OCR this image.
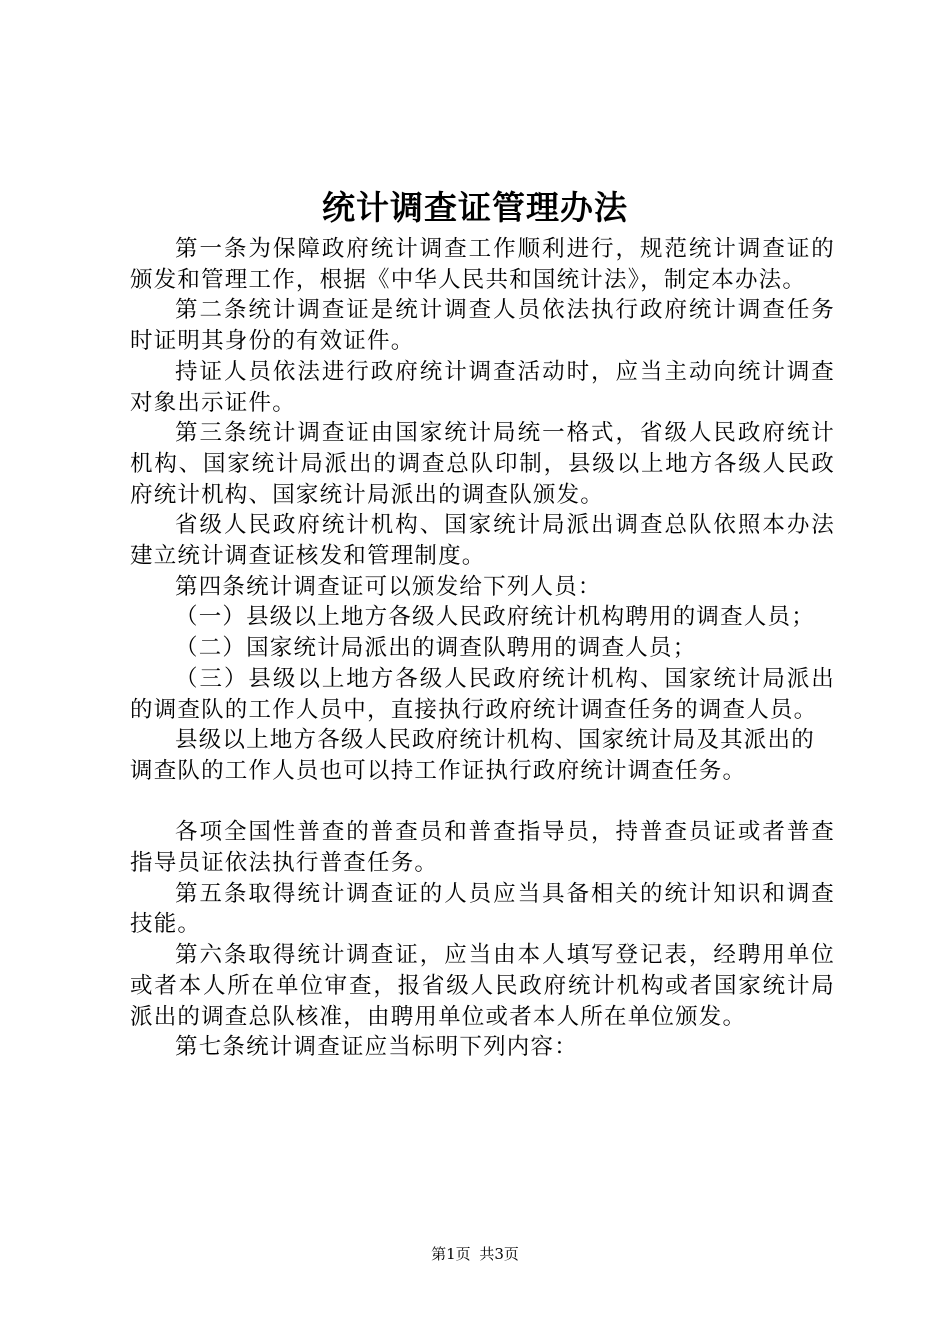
统计调查证管理办法

第一条为保障政府统计调查工作顺利进行，规范统计调查证的颁发和管理工作，根据《中华人民共和国统计法》，制定本办法。

第二条统计调查证是统计调查人员依法执行政府统计调查任务时证明其身份的有效证件。

持证人员依法进行政府统计调查活动时，应当主动向统计调查对象出示证件。

第三条统计调查证由国家统计局统一格式，省级人民政府统计机构、国家统计局派出的调查总队印制，县级以上地方各级人民政府统计机构、国家统计局派出的调查队颁发。

省级人民政府统计机构、国家统计局派出调查总队依照本办法建立统计调查证核发和管理制度。

第四条统计调查证可以颁发给下列人员：

（一）县级以上地方各级人民政府统计机构聘用的调查人员；

（二）国家统计局派出的调查队聘用的调查人员；

（三）县级以上地方各级人民政府统计机构、国家统计局派出的调查队的工作人员中，直接执行政府统计调查任务的调查人员。

县级以上地方各级人民政府统计机构、国家统计局及其派出的调查队的工作人员也可以持工作证执行政府统计调查任务。

各项全国性普查的普查员和普查指导员，持普查员证或者普查指导员证依法执行普查任务。

第五条取得统计调查证的人员应当具备相关的统计知识和调查技能。

第六条取得统计调查证，应当由本人填写登记表，经聘用单位或者本人所在单位审查，报省级人民政府统计机构或者国家统计局派出的调查总队核准，由聘用单位或者本人所在单位颁发。

第七条统计调查证应当标明下列内容：

第1页 共3页
